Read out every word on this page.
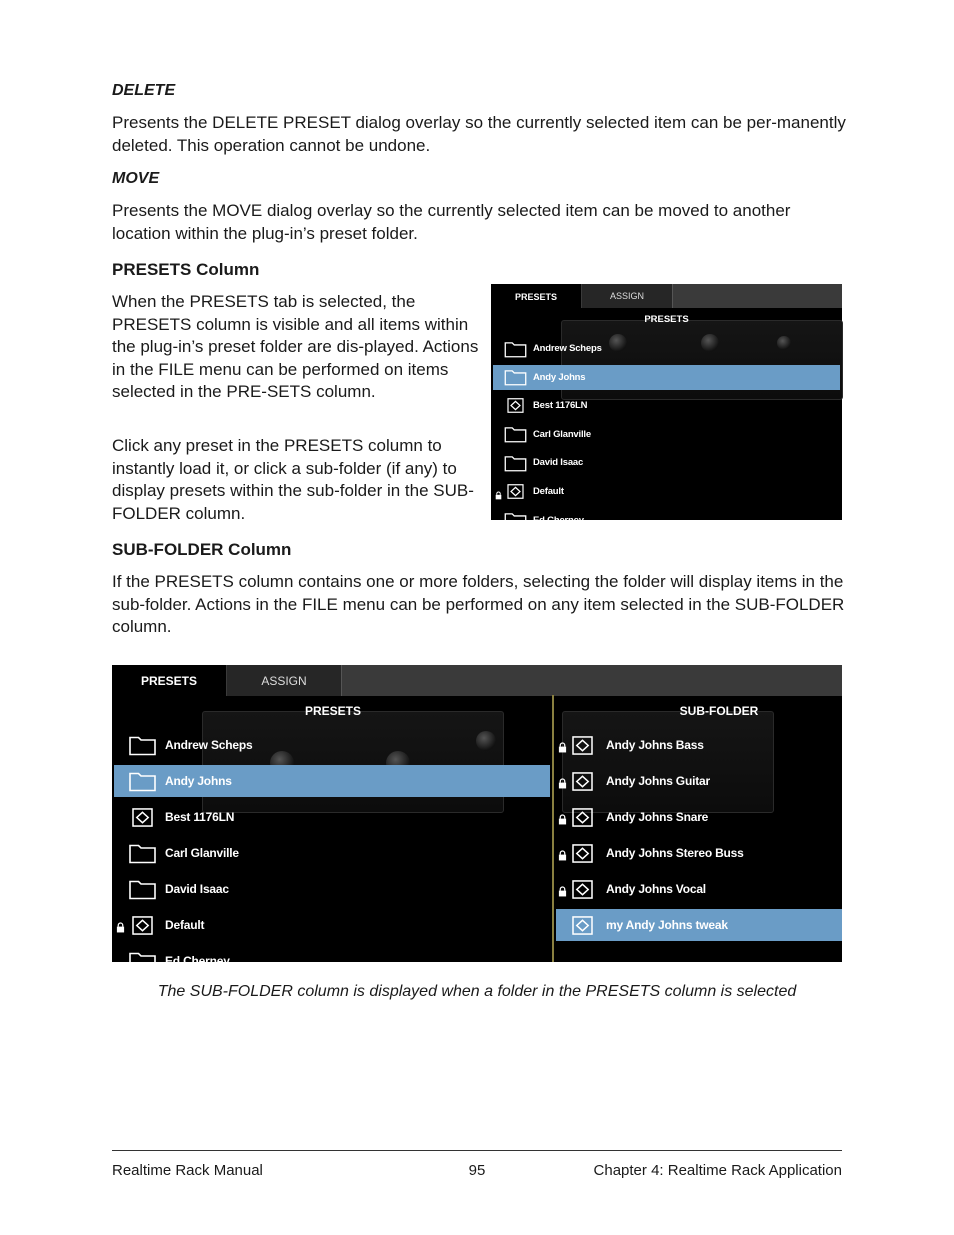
DELETE

Presents the DELETE PRESET dialog overlay so the currently selected item can be per-manently deleted. This operation cannot be undone.

MOVE

Presents the MOVE dialog overlay so the currently selected item can be moved to another location within the plug-in’s preset folder.

PRESETS Column

When the PRESETS tab is selected, the PRESETS column is visible and all items within the plug-in’s preset folder are dis-played. Actions in the FILE menu can be performed on items selected in the PRE-SETS column.

Click any preset in the PRESETS column to instantly load it, or click a sub-folder (if any) to display presets within the sub-folder in the SUB-FOLDER column.

SUB-FOLDER Column

If the PRESETS column contains one or more folders, selecting the folder will display items in the sub-folder. Actions in the FILE menu can be performed on any item selected in the SUB-FOLDER column.

PRESETS	ASSIGN
PRESETS
Andrew Scheps
Andy Johns
Best 1176LN
Carl Glanville
David Isaac
Default
Ed Cherney
PRESETS	ASSIGN
PRESETS	SUB-FOLDER
Andrew Scheps
Andy Johns
Best 1176LN
Carl Glanville
David Isaac
Default
Ed Cherney
Andy Johns Bass
Andy Johns Guitar
Andy Johns Snare
Andy Johns Stereo Buss
Andy Johns Vocal
my Andy Johns tweak

The SUB-FOLDER column is displayed when a folder in the PRESETS column is selected

Realtime Rack Manual	95	Chapter 4: Realtime Rack Application
